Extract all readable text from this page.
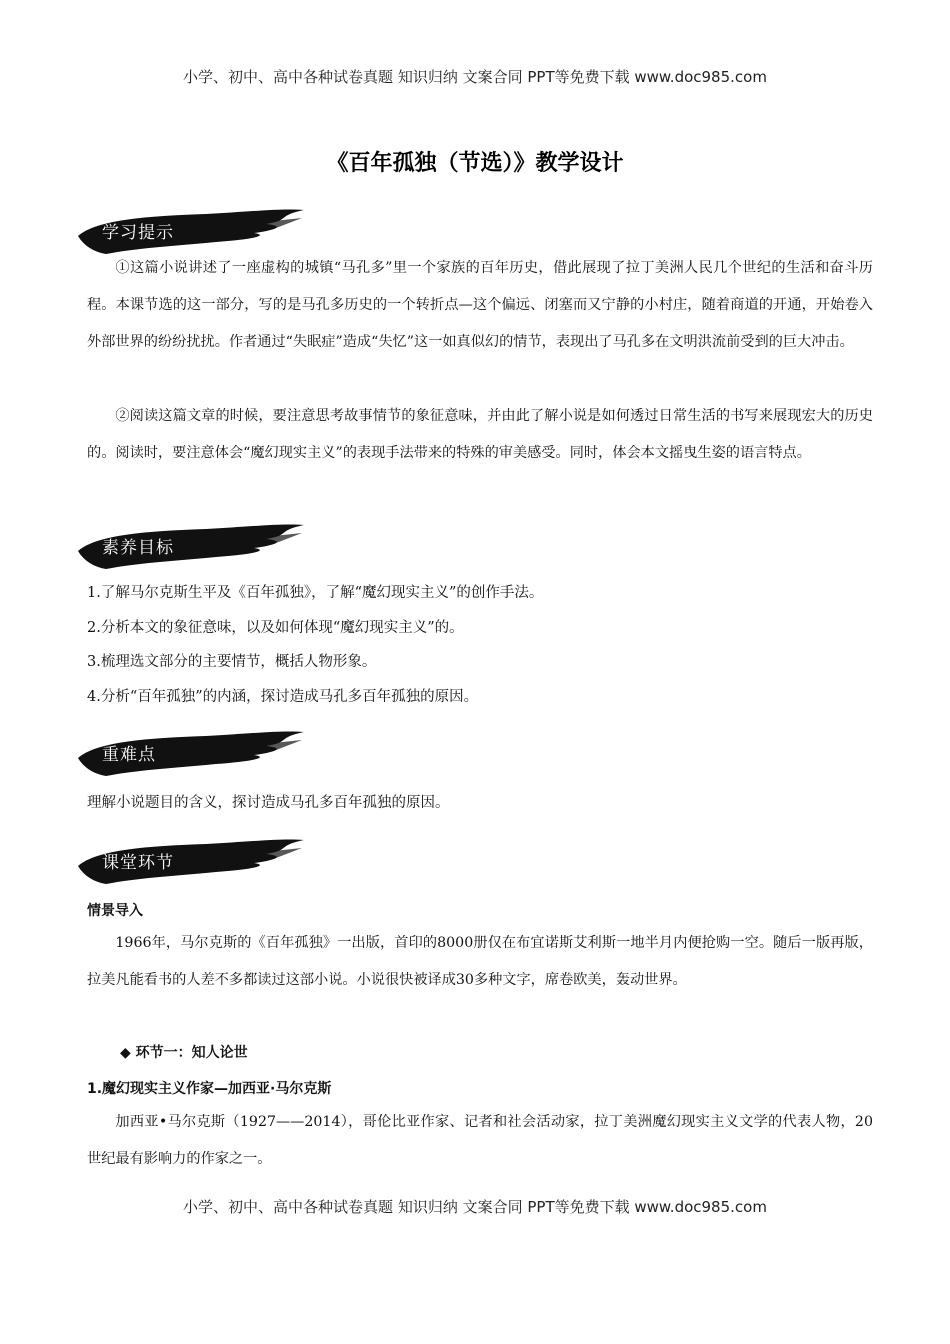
小学、初中、高中各种试卷真题 知识归纳 文案合同 PPT等免费下载 www.doc985.com
《百年孤独（节选）》教学设计
学习提示

①这篇小说讲述了一座虚构的城镇“马孔多”里一个家族的百年历史，借此展现了拉丁美洲人民几个世纪的生活和奋斗历程。本课节选的这一部分，写的是马孔多历史的一个转折点—这个偏远、闭塞而又宁静的小村庄，随着商道的开通，开始卷入外部世界的纷纷扰扰。作者通过“失眠症”造成“失忆”这一如真似幻的情节，表现出了马孔多在文明洪流前受到的巨大冲击。

②阅读这篇文章的时候，要注意思考故事情节的象征意味，并由此了解小说是如何透过日常生活的书写来展现宏大的历史的。阅读时，要注意体会“魔幻现实主义”的表现手法带来的特殊的审美感受。同时，体会本文摇曳生姿的语言特点。

素养目标

1.了解马尔克斯生平及《百年孤独》，了解“魔幻现实主义”的创作手法。

2.分析本文的象征意味，以及如何体现“魔幻现实主义”的。

3.梳理选文部分的主要情节，概括人物形象。

4.分析“百年孤独”的内涵，探讨造成马孔多百年孤独的原因。

重难点

理解小说题目的含义，探讨造成马孔多百年孤独的原因。

课堂环节

情景导入

1966年，马尔克斯的《百年孤独》一出版，首印的8000册仅在布宜诺斯艾利斯一地半月内便抢购一空。随后一版再版，拉美凡能看书的人差不多都读过这部小说。小说很快被译成30多种文字，席卷欧美，轰动世界。

◆ 环节一：知人论世

1.魔幻现实主义作家—加西亚·马尔克斯

加西亚•马尔克斯（1927——2014），哥伦比亚作家、记者和社会活动家，拉丁美洲魔幻现实主义文学的代表人物，20世纪最有影响力的作家之一。

小学、初中、高中各种试卷真题 知识归纳 文案合同 PPT等免费下载 www.doc985.com
